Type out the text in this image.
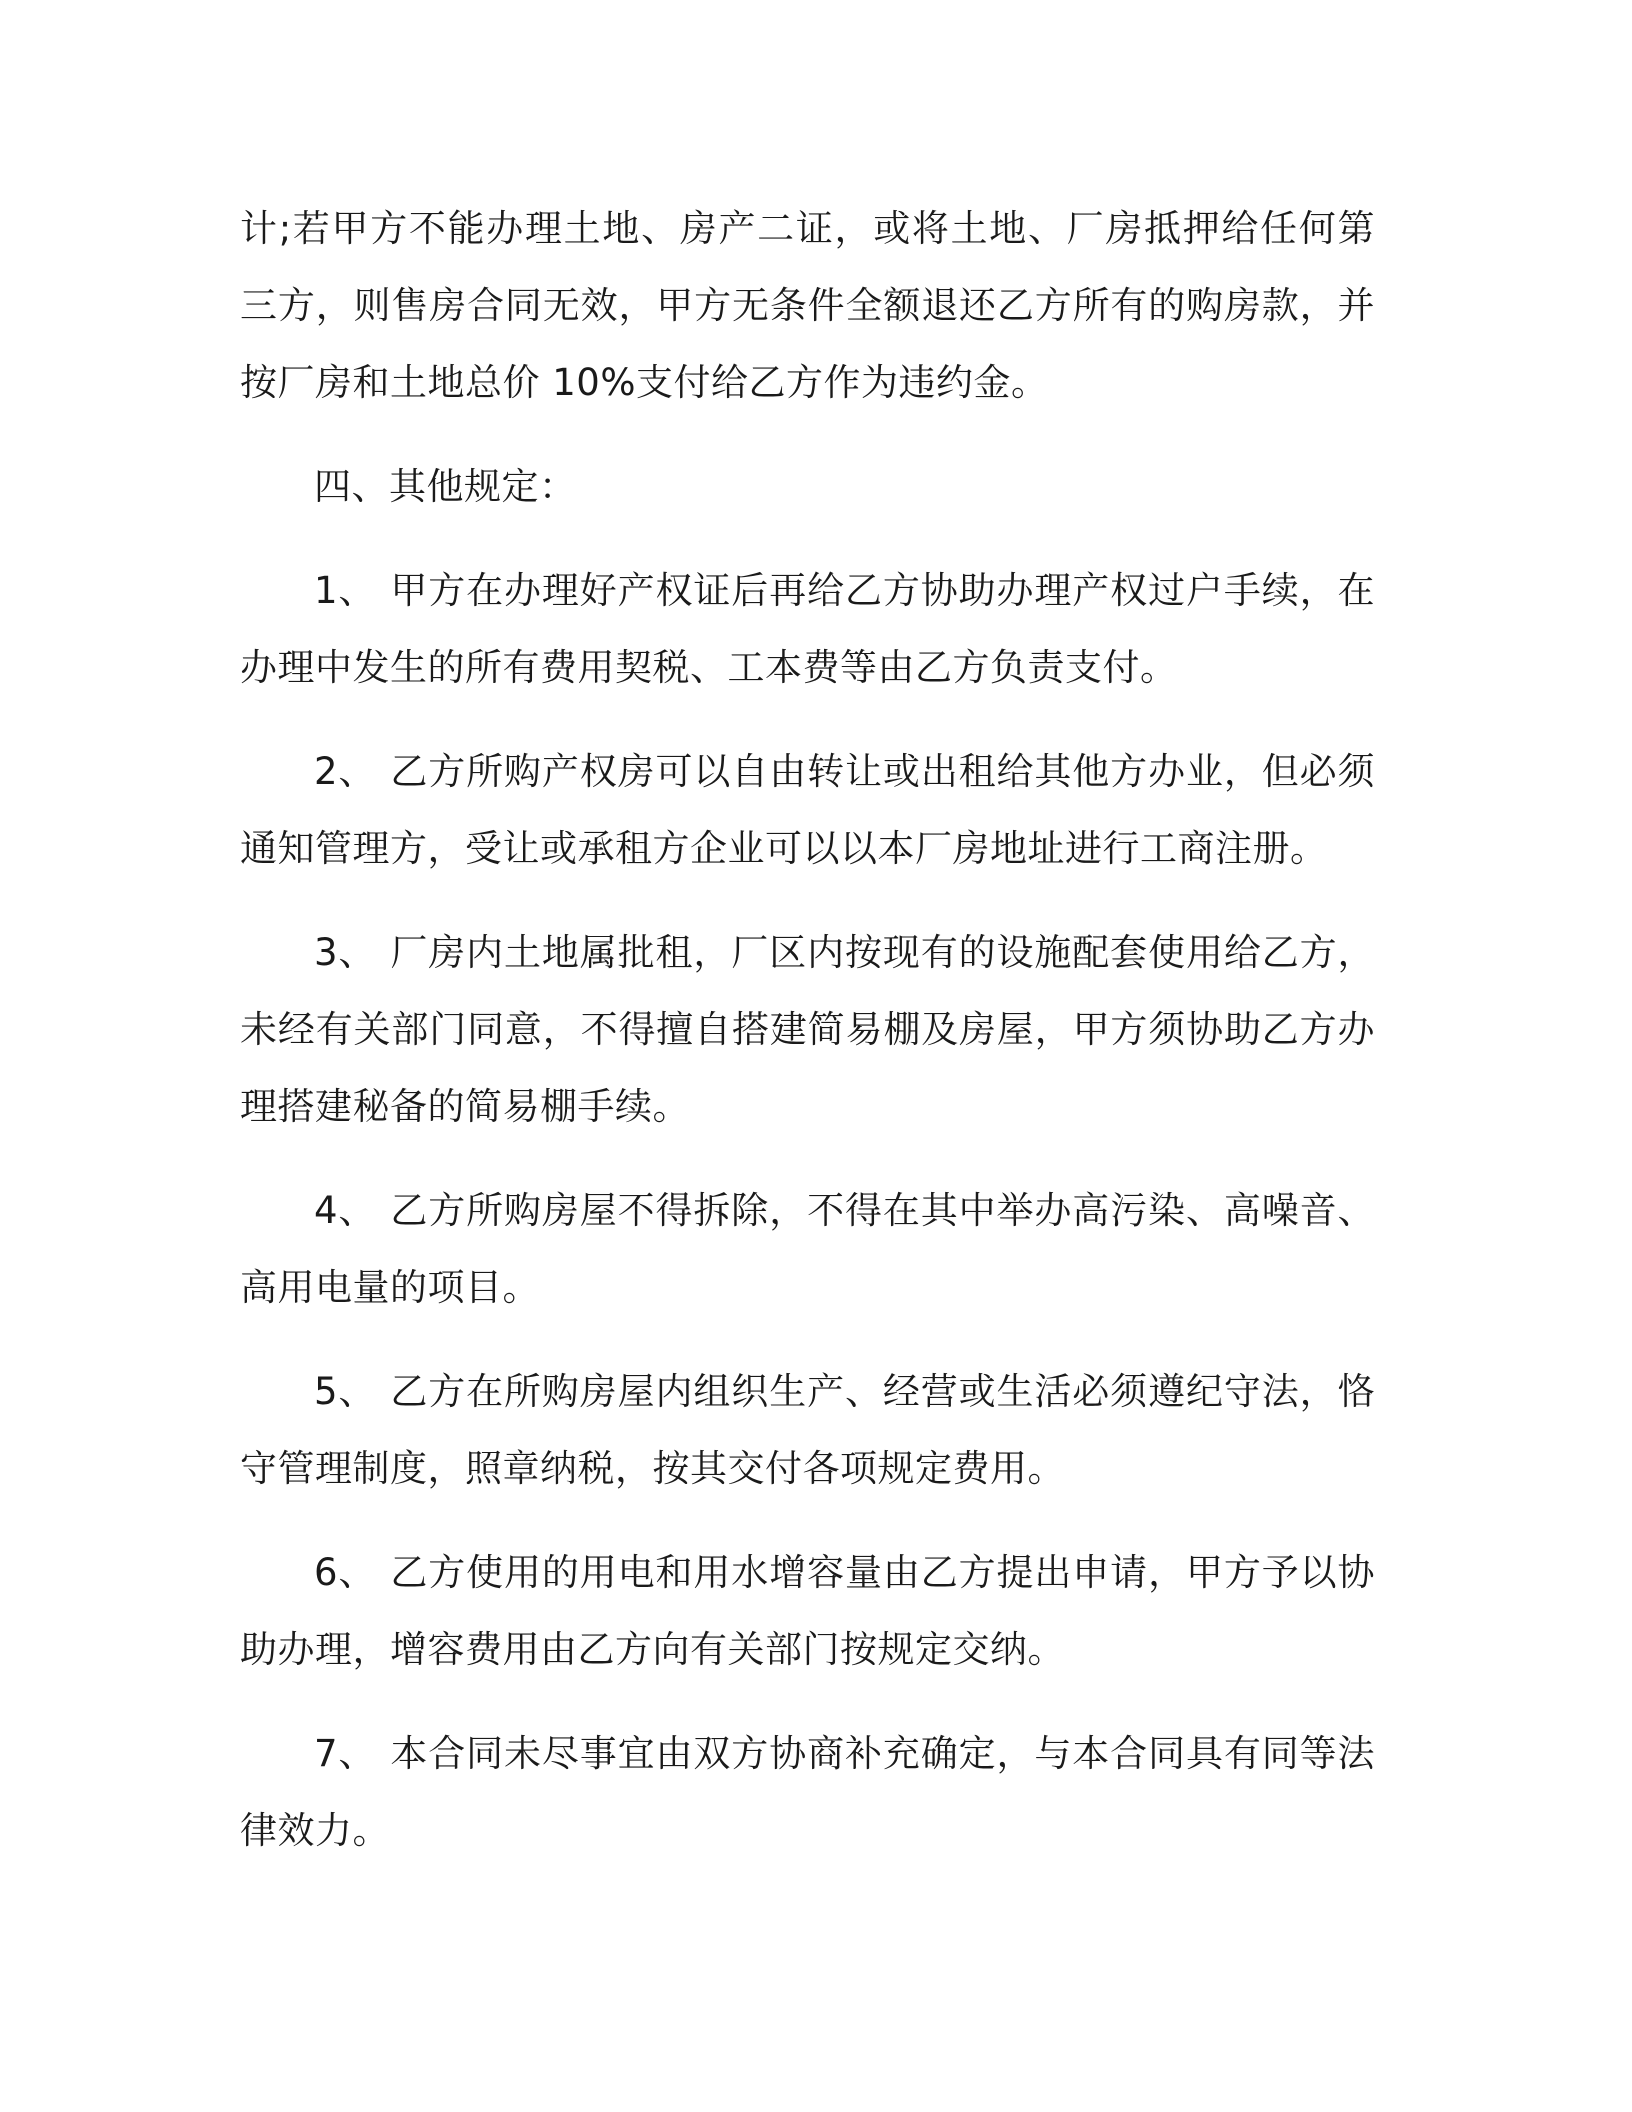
计;若甲方不能办理土地、房产二证，或将土地、厂房抵押给任何第三方，则售房合同无效，甲方无条件全额退还乙方所有的购房款，并按厂房和土地总价 10%支付给乙方作为违约金。

四、其他规定：

1、 甲方在办理好产权证后再给乙方协助办理产权过户手续，在办理中发生的所有费用契税、工本费等由乙方负责支付。

2、 乙方所购产权房可以自由转让或出租给其他方办业，但必须通知管理方，受让或承租方企业可以以本厂房地址进行工商注册。

3、 厂房内土地属批租，厂区内按现有的设施配套使用给乙方，未经有关部门同意，不得擅自搭建简易棚及房屋，甲方须协助乙方办理搭建秘备的简易棚手续。

4、 乙方所购房屋不得拆除，不得在其中举办高污染、高噪音、高用电量的项目。

5、 乙方在所购房屋内组织生产、经营或生活必须遵纪守法，恪守管理制度，照章纳税，按其交付各项规定费用。

6、 乙方使用的用电和用水增容量由乙方提出申请，甲方予以协助办理，增容费用由乙方向有关部门按规定交纳。

7、 本合同未尽事宜由双方协商补充确定，与本合同具有同等法律效力。
